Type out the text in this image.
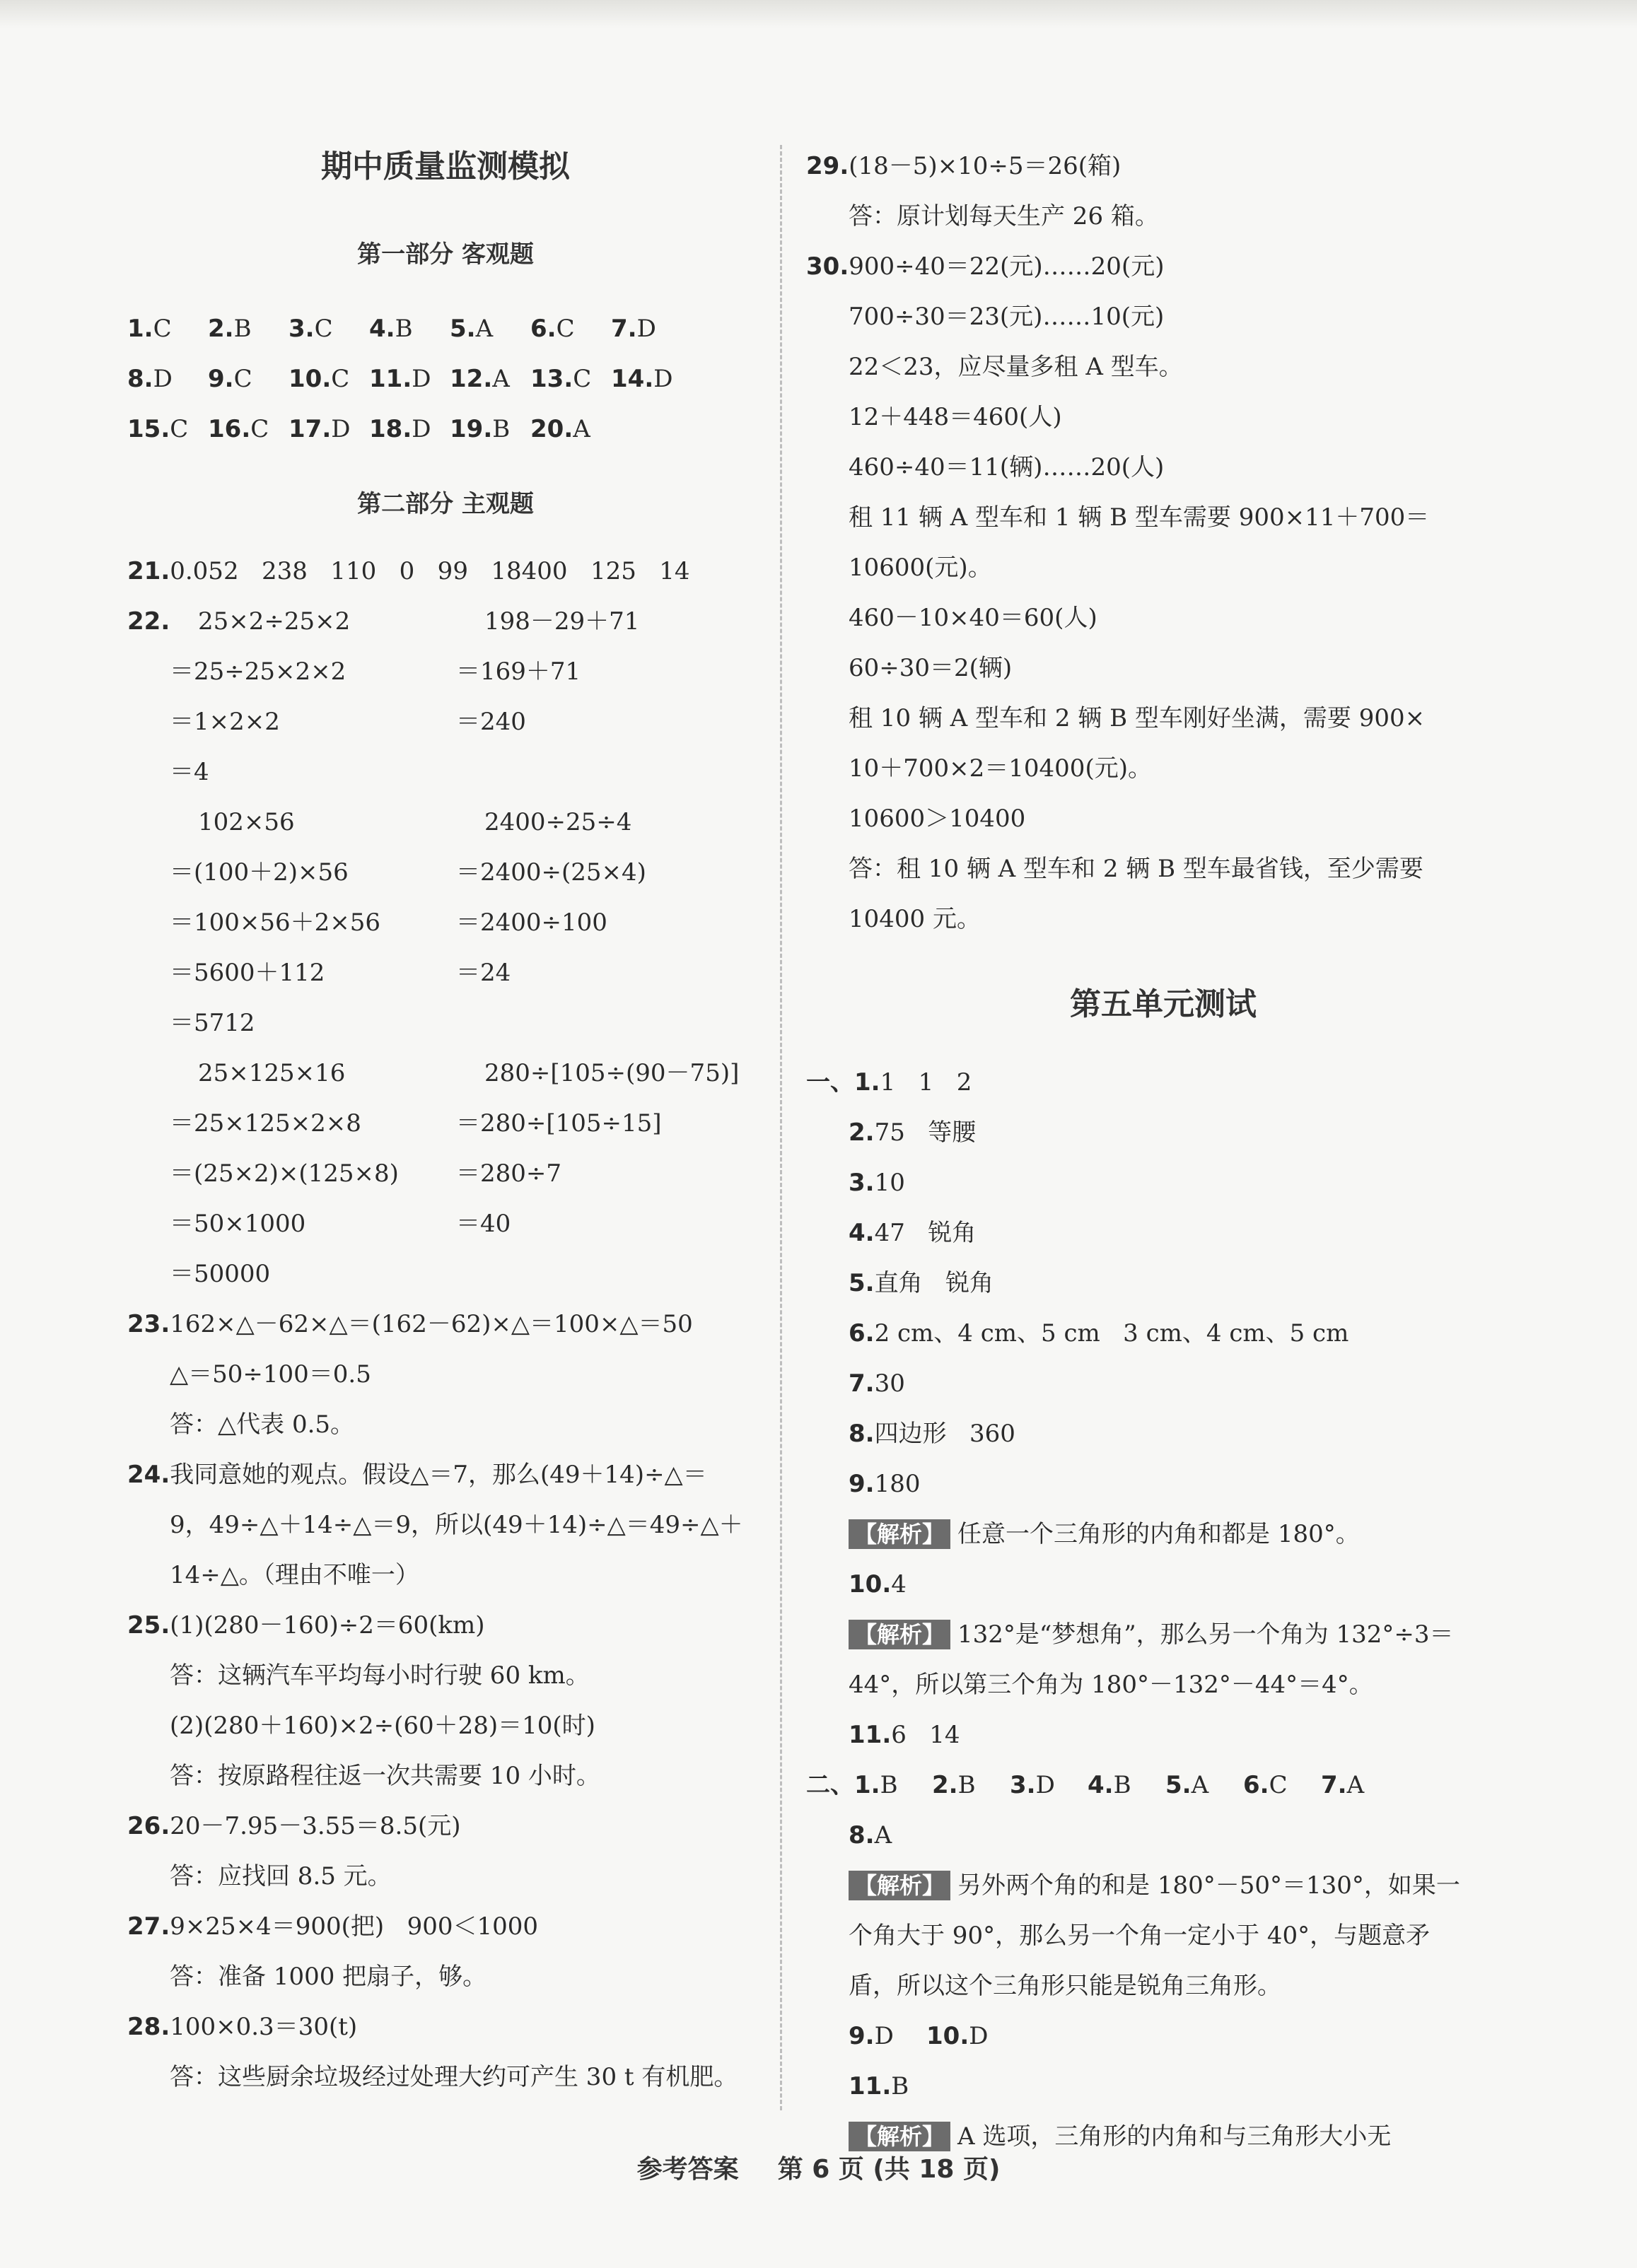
期中质量监测模拟
第一部分 客观题
1.C 2.B 3.C 4.B 5.A 6.C 7.D
8.D 9.C 10.C 11.D 12.A 13.C 14.D
15.C 16.C 17.D 18.D 19.B 20.A
第二部分 主观题
21.0.052   238   110   0   99   18400   125   14
22. 25×2÷25×2	198－29＋71
＝25÷25×2×2	＝169＋71
＝1×2×2	＝240
＝4
102×56	2400÷25÷4
＝(100＋2)×56	＝2400÷(25×4)
＝100×56＋2×56	＝2400÷100
＝5600＋112	＝24
＝5712
25×125×16	280÷[105÷(90－75)]
＝25×125×2×8	＝280÷[105÷15]
＝(25×2)×(125×8) ＝280÷7
＝50×1000	＝40
＝50000
23.162×△－62×△＝(162－62)×△＝100×△＝50
△＝50÷100＝0.5
答：△代表 0.5。
24.我同意她的观点。假设△＝7，那么(49＋14)÷△＝
9，49÷△＋14÷△＝9，所以(49＋14)÷△＝49÷△＋
14÷△。（理由不唯一）
25.(1)(280－160)÷2＝60(km)
答：这辆汽车平均每小时行驶 60 km。
(2)(280＋160)×2÷(60＋28)＝10(时)
答：按原路程往返一次共需要 10 小时。
26.20－7.95－3.55＝8.5(元)
答：应找回 8.5 元。
27.9×25×4＝900(把)   900＜1000
答：准备 1000 把扇子，够。
28.100×0.3＝30(t)
答：这些厨余垃圾经过处理大约可产生 30 t 有机肥。
29.(18－5)×10÷5＝26(箱)
答：原计划每天生产 26 箱。
30.900÷40＝22(元)……20(元)
700÷30＝23(元)……10(元)
22＜23，应尽量多租 A 型车。
12＋448＝460(人)
460÷40＝11(辆)……20(人)
租 11 辆 A 型车和 1 辆 B 型车需要 900×11＋700＝
10600(元)。
460－10×40＝60(人)
60÷30＝2(辆)
租 10 辆 A 型车和 2 辆 B 型车刚好坐满，需要 900×
10＋700×2＝10400(元)。
10600＞10400
答：租 10 辆 A 型车和 2 辆 B 型车最省钱，至少需要
10400 元。
第五单元测试
一、1.1   1   2
2.75   等腰
3.10
4.47   锐角
5.直角   锐角
6.2 cm、4 cm、5 cm   3 cm、4 cm、5 cm
7.30
8.四边形   360
9.180
【解析】 任意一个三角形的内角和都是 180°。
10.4
【解析】 132°是“梦想角”，那么另一个角为 132°÷3＝
44°，所以第三个角为 180°－132°－44°＝4°。
11.6   14
二、1.B 2.B 3.D 4.B 5.A 6.C 7.A
8.A
【解析】 另外两个角的和是 180°－50°＝130°，如果一
个角大于 90°，那么另一个角一定小于 40°，与题意矛
盾，所以这个三角形只能是锐角三角形。
9.D 10.D
11.B
【解析】 A 选项，三角形的内角和与三角形大小无
参考答案 第 6 页 (共 18 页)
